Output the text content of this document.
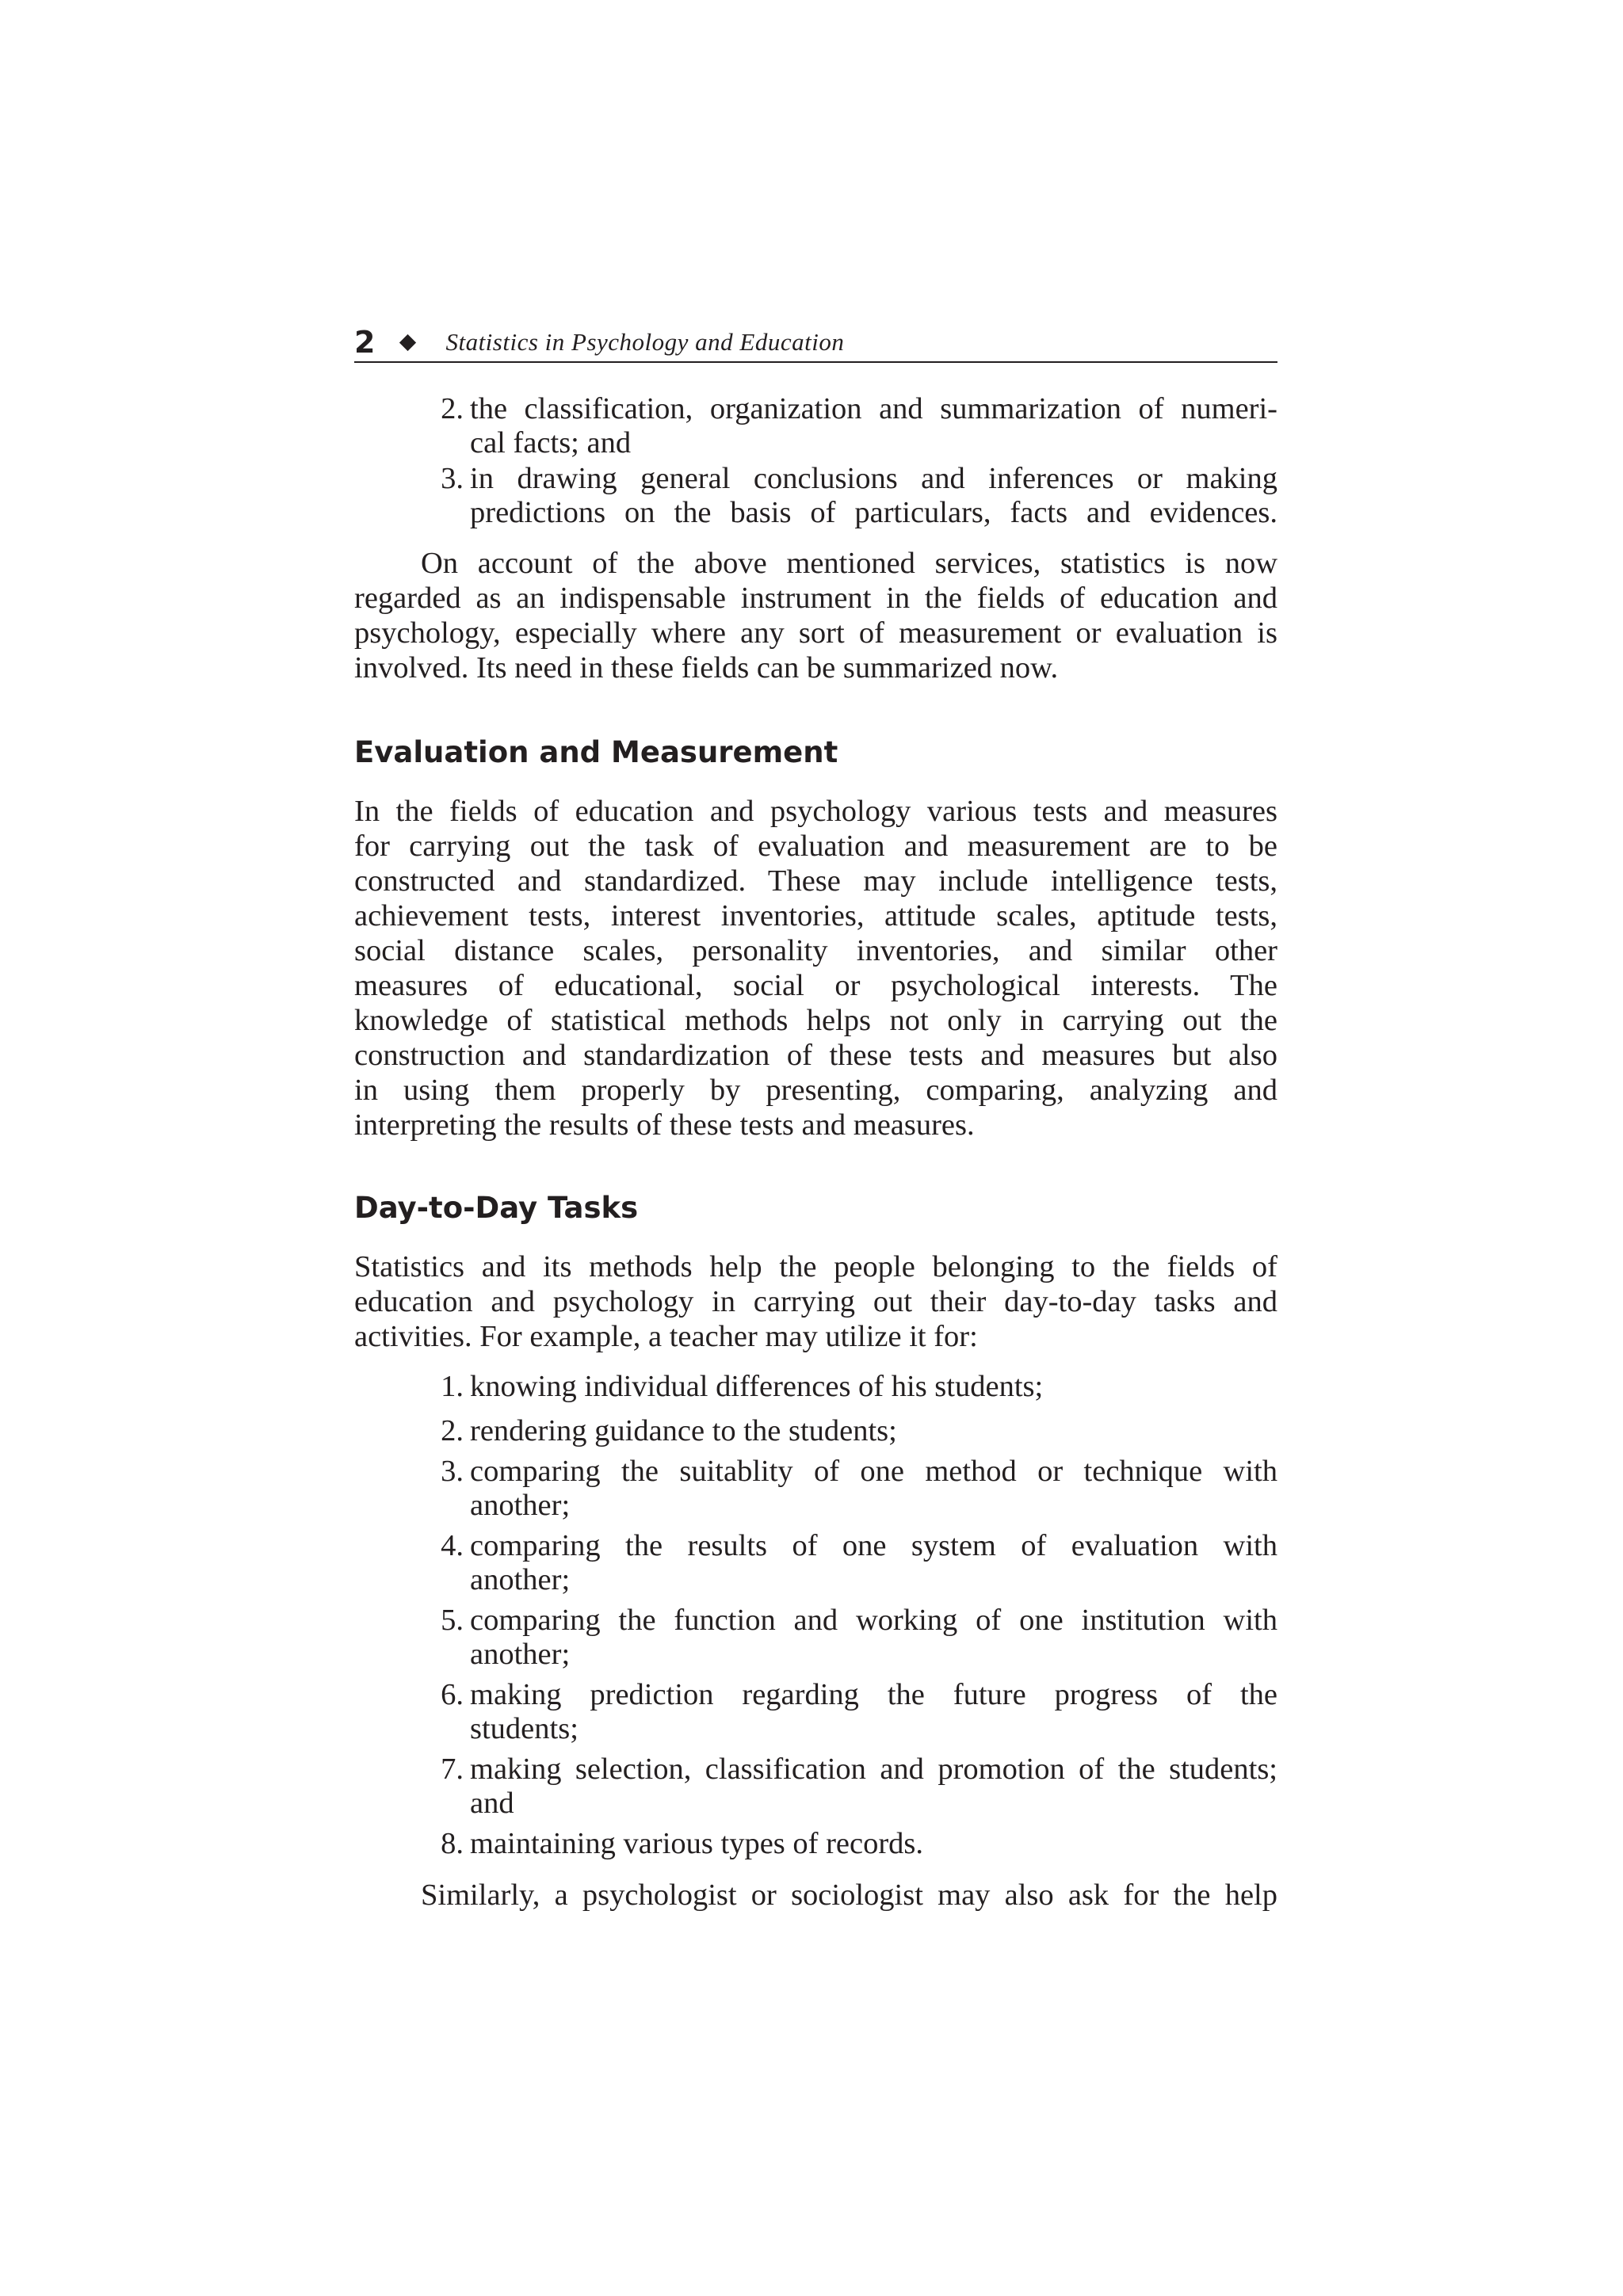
2	Statistics in Psychology and Education
2. the classification, organization and summarization of numeri-
cal facts; and
3. in drawing general conclusions and inferences or making
predictions on the basis of particulars, facts and evidences.
On account of the above mentioned services, statistics is now
regarded as an indispensable instrument in the fields of education and
psychology, especially where any sort of measurement or evaluation is
involved. Its need in these fields can be summarized now.
Evaluation and Measurement
In the fields of education and psychology various tests and measures
for carrying out the task of evaluation and measurement are to be
constructed and standardized. These may include intelligence tests,
achievement tests, interest inventories, attitude scales, aptitude tests,
social distance scales, personality inventories, and similar other
measures of educational, social or psychological interests. The
knowledge of statistical methods helps not only in carrying out the
construction and standardization of these tests and measures but also
in using them properly by presenting, comparing, analyzing and
interpreting the results of these tests and measures.
Day-to-Day Tasks
Statistics and its methods help the people belonging to the fields of
education and psychology in carrying out their day-to-day tasks and
activities. For example, a teacher may utilize it for:
1. knowing individual differences of his students;
2. rendering guidance to the students;
3. comparing the suitablity of one method or technique with
another;
4. comparing the results of one system of evaluation with
another;
5. comparing the function and working of one institution with
another;
6. making prediction regarding the future progress of the
students;
7. making selection, classification and promotion of the students;
and
8. maintaining various types of records.
Similarly, a psychologist or sociologist may also ask for the help
